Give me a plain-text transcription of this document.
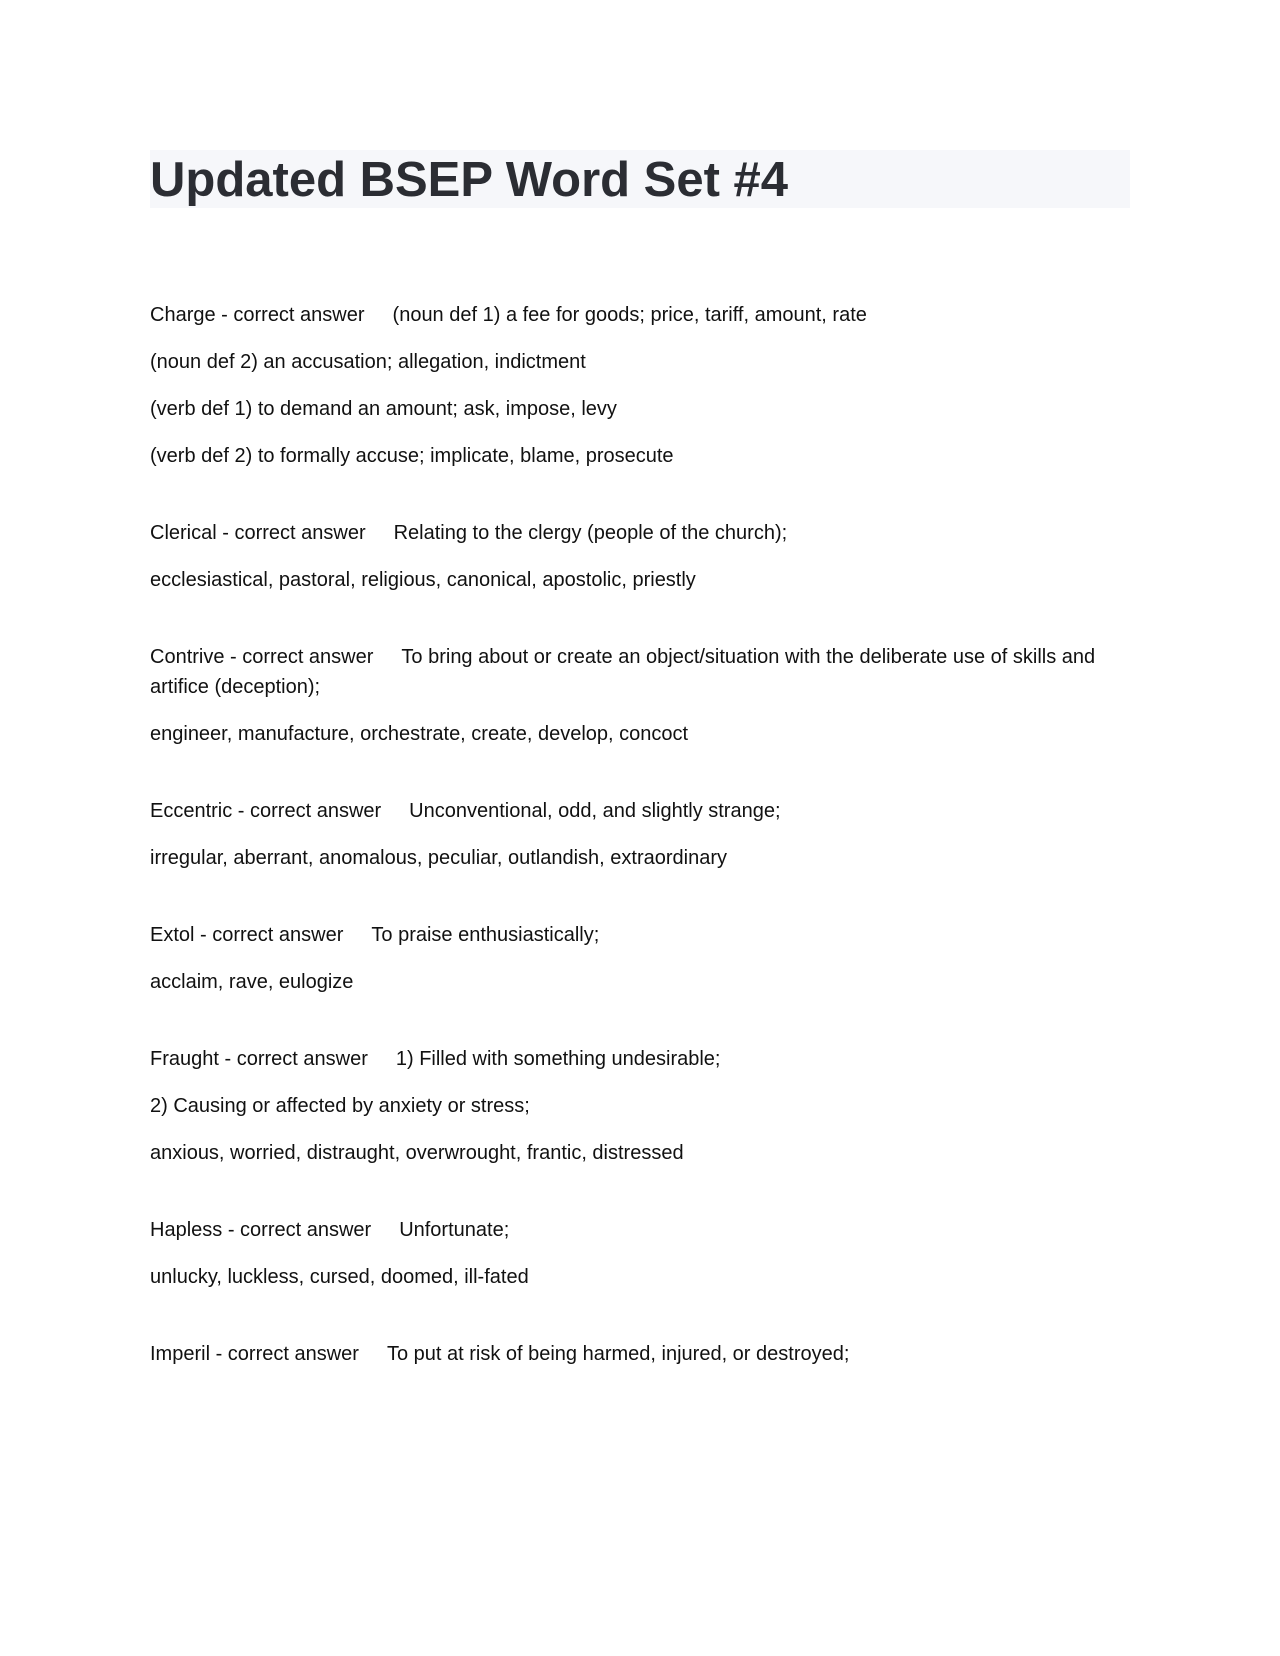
Updated BSEP Word Set #4
Charge - correct answer (noun def 1) a fee for goods; price, tariff, amount, rate
(noun def 2) an accusation; allegation, indictment
(verb def 1) to demand an amount; ask, impose, levy
(verb def 2) to formally accuse; implicate, blame, prosecute
Clerical - correct answer Relating to the clergy (people of the church);
ecclesiastical, pastoral, religious, canonical, apostolic, priestly
Contrive - correct answer To bring about or create an object/situation with the deliberate use of skills and artifice (deception);
engineer, manufacture, orchestrate, create, develop, concoct
Eccentric - correct answer Unconventional, odd, and slightly strange;
irregular, aberrant, anomalous, peculiar, outlandish, extraordinary
Extol - correct answer To praise enthusiastically;
acclaim, rave, eulogize
Fraught - correct answer 1) Filled with something undesirable;
2) Causing or affected by anxiety or stress;
anxious, worried, distraught, overwrought, frantic, distressed
Hapless - correct answer Unfortunate;
unlucky, luckless, cursed, doomed, ill-fated
Imperil - correct answer To put at risk of being harmed, injured, or destroyed;
